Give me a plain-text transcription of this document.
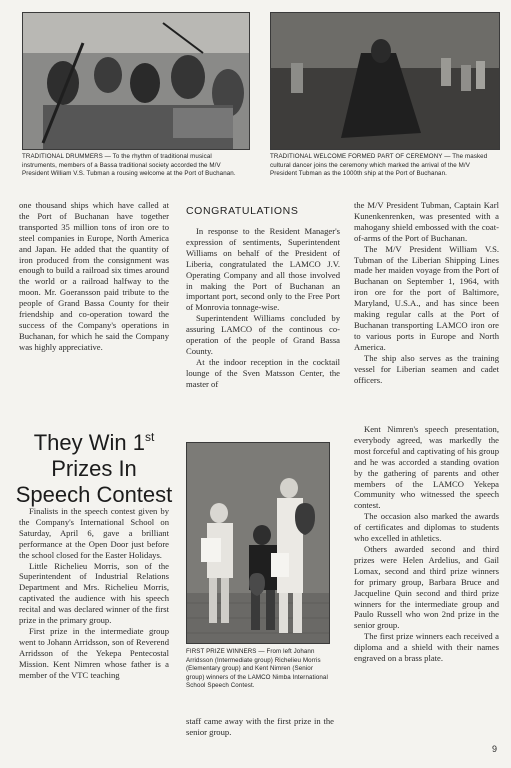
TRADITIONAL DRUMMERS — To the rhythm of traditional musical instruments, members of a Bassa traditional society accorded the M/V President William V.S. Tubman a rousing welcome at the Port of Buchanan.
TRADITIONAL WELCOME FORMED PART OF CEREMONY — The masked cultural dancer joins the ceremony which marked the arrival of the M/V President Tubman as the 1000th ship at the Port of Buchanan.

one thousand ships which have called at the Port of Buchanan have together transported 35 million tons of iron ore to steel companies in Europe, North America and Japan. He added that the quantity of iron produced from the consignment was enough to build a railroad six times around the world or a railroad halfway to the moon. Mr. Goeransson paid tribute to the people of Grand Bassa County for their friendship and co-operation toward the success of the Company's operations in Buchanan, for which he said the Company was highly appreciative.

CONGRATULATIONS

In response to the Resident Manager's expression of sentiments, Superintendent Williams on behalf of the President of Liberia, congratulated the LAMCO J.V. Operating Company and all those involved in making the Port of Buchanan an important port, second only to the Free Port of Monrovia tonnage-wise.

Superintendent Williams concluded by assuring LAMCO of the continous co-operation of the people of Grand Bassa County.

At the indoor reception in the cocktail lounge of the Sven Matsson Center, the master of

the M/V President Tubman, Captain Karl Kunenkenrenken, was presented with a mahogany shield embossed with the coat-of-arms of the Port of Buchanan.

The M/V President William V.S. Tubman of the Liberian Shipping Lines made her maiden voyage from the Port of Buchanan on September 1, 1964, with iron ore for the port of Baltimore, Maryland, U.S.A., and has since been making regular calls at the Port of Buchanan transporting LAMCO iron ore to various ports in Europe and North America.

The ship also serves as the training vessel for Liberian seamen and cadet officers.

They Win 1st
Prizes In
Speech Contest

Finalists in the speech contest given by the Company's International School on Saturday, April 6, gave a brilliant performance at the Open Door just before the school closed for the Easter Holidays.

Little Richelieu Morris, son of the Superintendent of Industrial Relations Department and Mrs. Richelieu Morris, captivated the audience with his speech recital and was declared winner of the first prize in the primary group.

First prize in the intermediate group went to Johann Arridsson, son of Reverend Arridsson of the Yekepa Pentecostal Mission. Kent Nimren whose father is a member of the VTC teaching

FIRST PRIZE WINNERS — From left Johann Arridsson (Intermediate group) Richelieu Morris (Elementary group) and Kent Nimren (Senior group) winners of the LAMCO Nimba International School Speech Contest.

staff came away with the first prize in the senior group.

Kent Nimren's speech presentation, everybody agreed, was markedly the most forceful and captivating of his group and he was accorded a standing ovation by the gathering of parents and other members of the LAMCO Yekepa Community who witnessed the speech contest.

The occasion also marked the awards of certificates and diplomas to students who excelled in athletics.

Others awarded second and third prizes were Helen Ardelius, and Gail Lomax, second and third prize winners for primary group, Barbara Bruce and Jacqueline Quin second and third prize winners for the intermediate group and Paulo Russell who won 2nd prize in the senior group.

The first prize winners each received a diploma and a shield with their names engraved on a brass plate.

9
